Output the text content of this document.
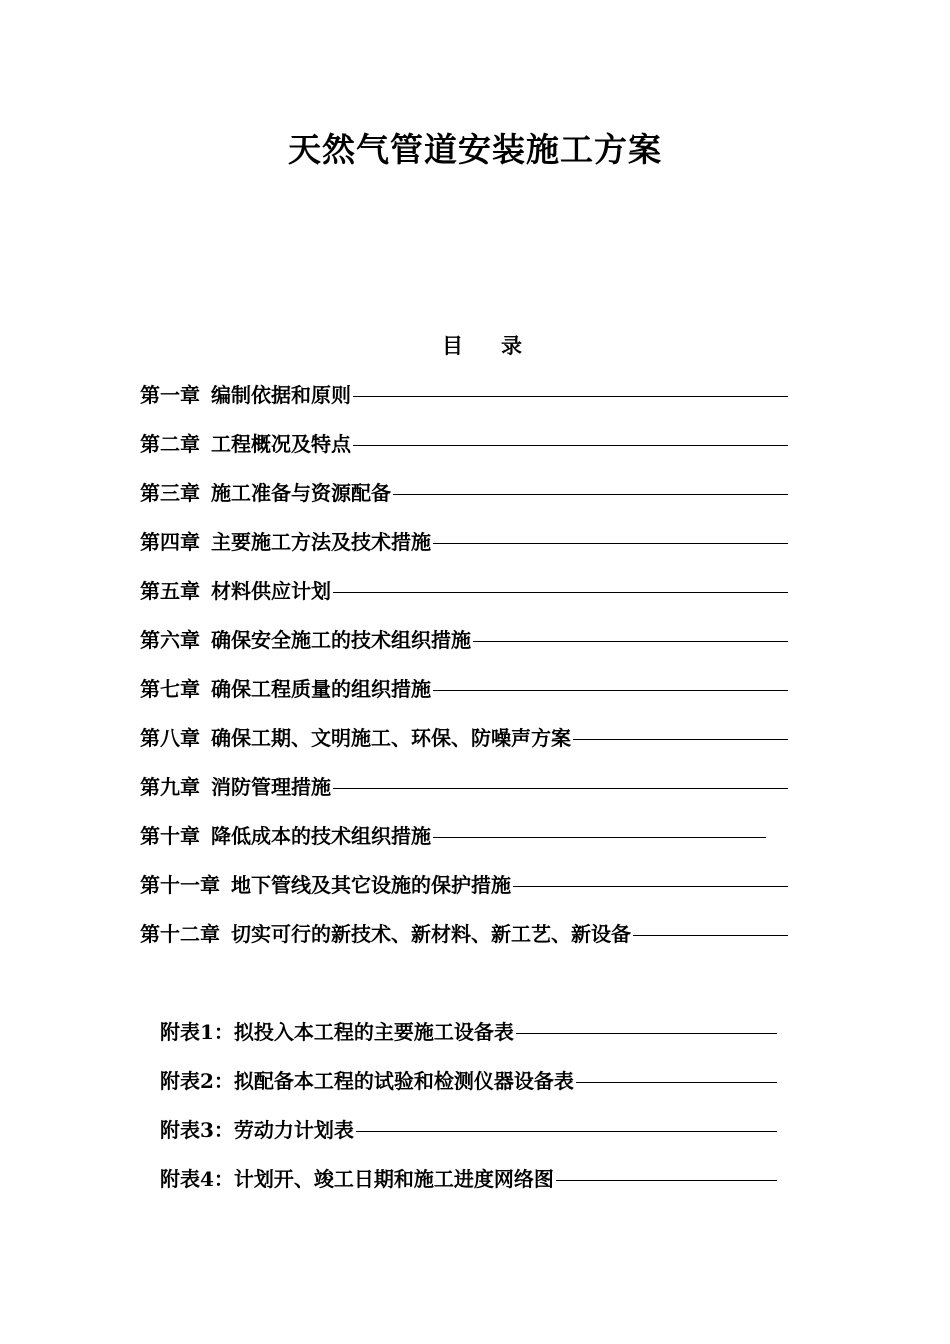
天然气管道安装施工方案
目 录
第一章 编制依据和原则
第二章 工程概况及特点
第三章 施工准备与资源配备
第四章 主要施工方法及技术措施
第五章 材料供应计划
第六章 确保安全施工的技术组织措施
第七章 确保工程质量的组织措施
第八章 确保工期、文明施工、环保、防噪声方案
第九章 消防管理措施
第十章 降低成本的技术组织措施
第十一章 地下管线及其它设施的保护措施
第十二章 切实可行的新技术、新材料、新工艺、新设备
附表1： 拟投入本工程的主要施工设备表
附表2： 拟配备本工程的试验和检测仪器设备表
附表3： 劳动力计划表
附表4： 计划开、竣工日期和施工进度网络图
